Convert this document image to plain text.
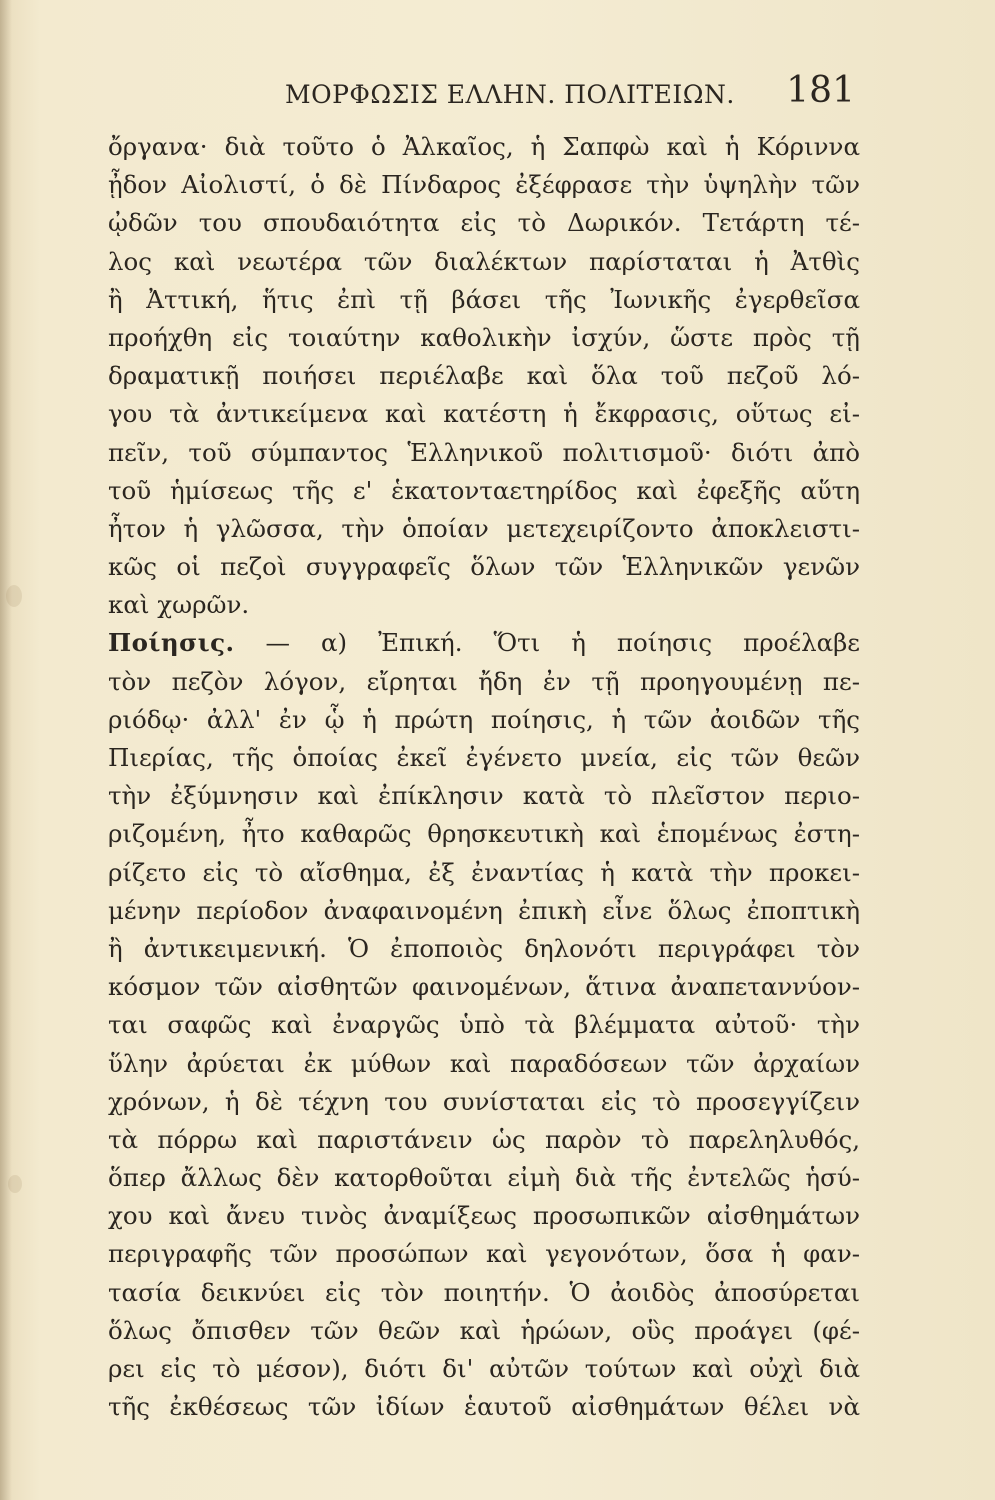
ΜΟΡΦΩΣΙΣ ΕΛΛΗΝ. ΠΟΛΙΤΕΙΩΝ. 181
ὄργανα· διὰ τοῦτο ὁ Ἀλκαῖος, ἡ Σαπφὼ καὶ ἡ Κόριννα
ᾖδον Αἰολιστί, ὁ δὲ Πίνδαρος ἐξέφρασε τὴν ὑψηλὴν τῶν
ᾠδῶν του σπουδαιότητα εἰς τὸ Δωρικόν. Τετάρτη τέ-
λος καὶ νεωτέρα τῶν διαλέκτων παρίσταται ἡ Ἀτθὶς
ἢ Ἀττική, ἥτις ἐπὶ τῇ βάσει τῆς Ἰωνικῆς ἐγερθεῖσα
προήχθη εἰς τοιαύτην καθολικὴν ἰσχύν, ὥστε πρὸς τῇ
δραματικῇ ποιήσει περιέλαβε καὶ ὅλα τοῦ πεζοῦ λό-
γου τὰ ἀντικείμενα καὶ κατέστη ἡ ἔκφρασις, οὕτως εἰ-
πεῖν, τοῦ σύμπαντος Ἑλληνικοῦ πολιτισμοῦ· διότι ἀπὸ
τοῦ ἡμίσεως τῆς ε' ἑκατονταετηρίδος καὶ ἐφεξῆς αὕτη
ἦτον ἡ γλῶσσα, τὴν ὁποίαν μετεχειρίζοντο ἀποκλειστι-
κῶς οἱ πεζοὶ συγγραφεῖς ὅλων τῶν Ἑλληνικῶν γενῶν
καὶ χωρῶν.
Ποίησις. — α) Ἐπική. Ὅτι ἡ ποίησις προέλαβε
τὸν πεζὸν λόγον, εἴρηται ἤδη ἐν τῇ προηγουμένῃ πε-
ριόδῳ· ἀλλ' ἐν ᾧ ἡ πρώτη ποίησις, ἡ τῶν ἀοιδῶν τῆς
Πιερίας, τῆς ὁποίας ἐκεῖ ἐγένετο μνεία, εἰς τῶν θεῶν
τὴν ἐξύμνησιν καὶ ἐπίκλησιν κατὰ τὸ πλεῖστον περιο-
ριζομένη, ἦτο καθαρῶς θρησκευτικὴ καὶ ἑπομένως ἐστη-
ρίζετο εἰς τὸ αἴσθημα, ἐξ ἐναντίας ἡ κατὰ τὴν προκει-
μένην περίοδον ἀναφαινομένη ἐπικὴ εἶνε ὅλως ἐποπτικὴ
ἢ ἀντικειμενική. Ὁ ἐποποιὸς δηλονότι περιγράφει τὸν
κόσμον τῶν αἰσθητῶν φαινομένων, ἅτινα ἀναπεταννύον-
ται σαφῶς καὶ ἐναργῶς ὑπὸ τὰ βλέμματα αὐτοῦ· τὴν
ὕλην ἀρύεται ἐκ μύθων καὶ παραδόσεων τῶν ἀρχαίων
χρόνων, ἡ δὲ τέχνη του συνίσταται εἰς τὸ προσεγγίζειν
τὰ πόρρω καὶ παριστάνειν ὡς παρὸν τὸ παρεληλυθός,
ὅπερ ἄλλως δὲν κατορθοῦται εἰμὴ διὰ τῆς ἐντελῶς ἡσύ-
χου καὶ ἄνευ τινὸς ἀναμίξεως προσωπικῶν αἰσθημάτων
περιγραφῆς τῶν προσώπων καὶ γεγονότων, ὅσα ἡ φαν-
τασία δεικνύει εἰς τὸν ποιητήν. Ὁ ἀοιδὸς ἀποσύρεται
ὅλως ὄπισθεν τῶν θεῶν καὶ ἡρώων, οὓς προάγει (φέ-
ρει εἰς τὸ μέσον), διότι δι' αὐτῶν τούτων καὶ οὐχὶ διὰ
τῆς ἐκθέσεως τῶν ἰδίων ἑαυτοῦ αἰσθημάτων θέλει νὰ
